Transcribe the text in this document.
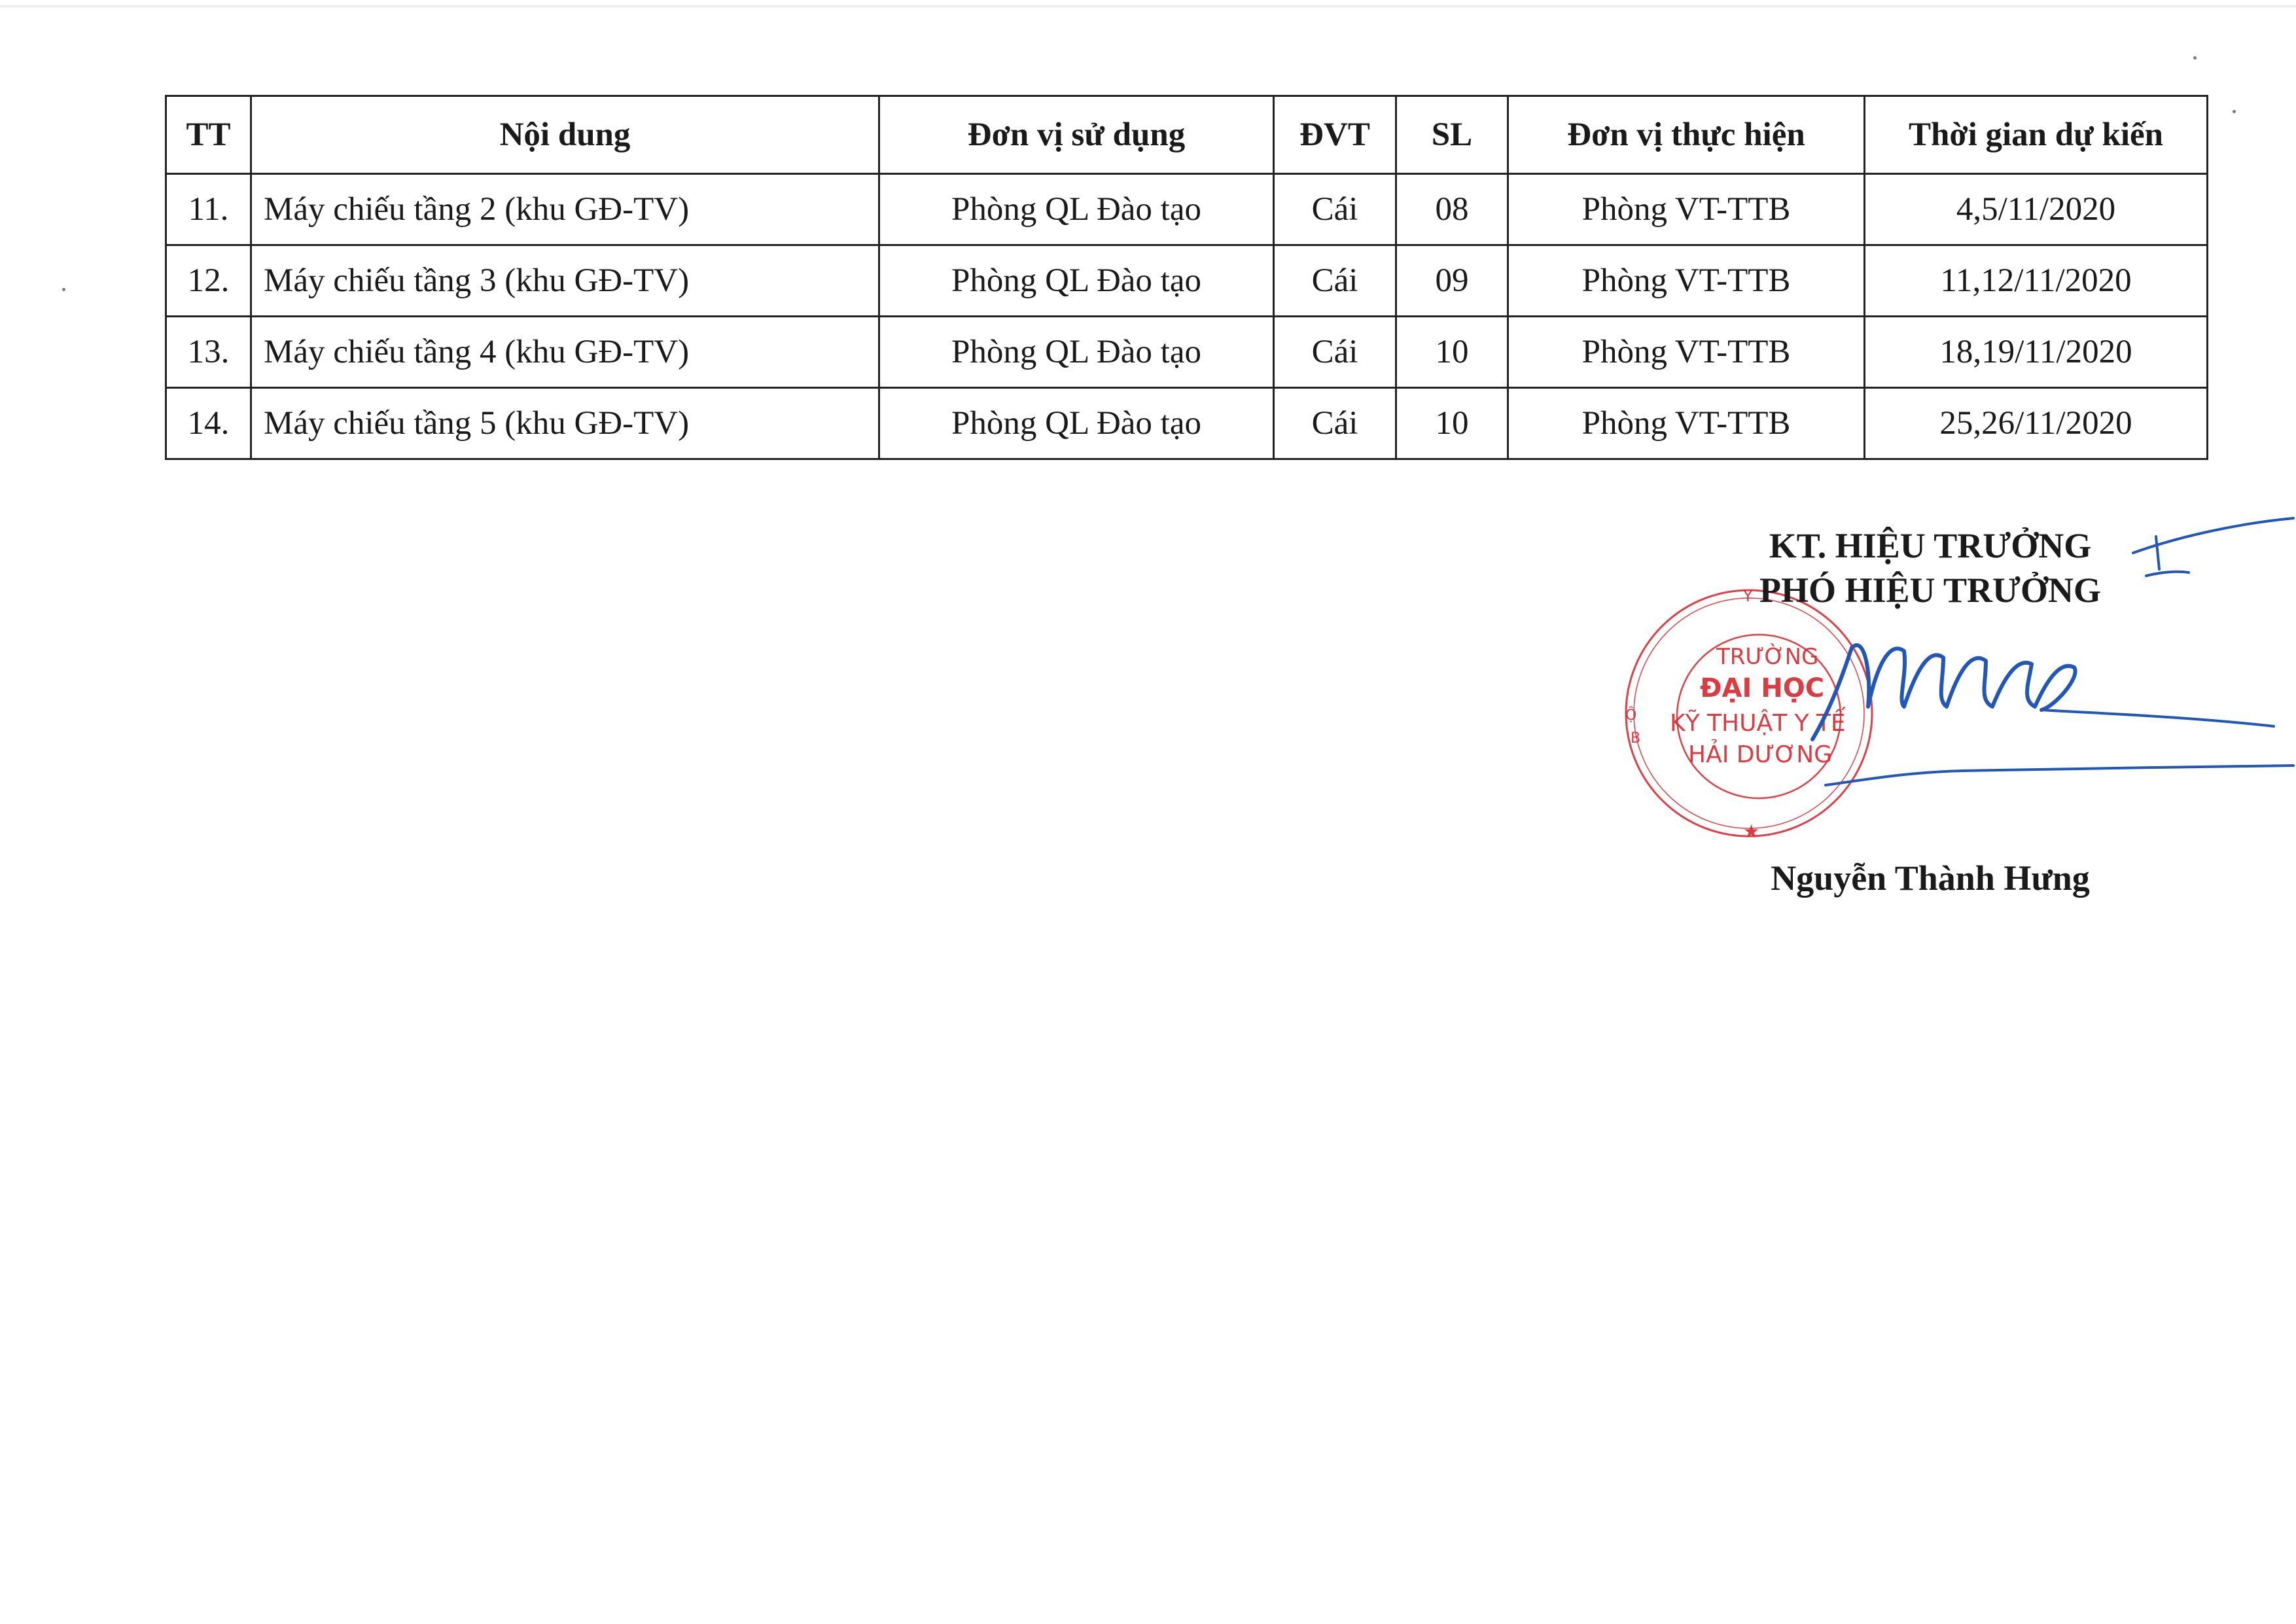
TT	Nội dung	Đơn vị sử dụng	ĐVT	SL	Đơn vị thực hiện	Thời gian dự kiến
11.	Máy chiếu tầng 2 (khu GĐ-TV)	Phòng QL Đào tạo	Cái	08	Phòng VT-TTB	4,5/11/2020
12.	Máy chiếu tầng 3 (khu GĐ-TV)	Phòng QL Đào tạo	Cái	09	Phòng VT-TTB	11,12/11/2020
13.	Máy chiếu tầng 4 (khu GĐ-TV)	Phòng QL Đào tạo	Cái	10	Phòng VT-TTB	18,19/11/2020
14.	Máy chiếu tầng 5 (khu GĐ-TV)	Phòng QL Đào tạo	Cái	10	Phòng VT-TTB	25,26/11/2020
Y
Ộ
B
★
TRƯỜNG
ĐẠI HỌC
KỸ THUẬT Y TẾ
HẢI DƯƠNG
KT. HIỆU TRƯỞNG
PHÓ HIỆU TRƯỞNG
Nguyễn Thành Hưng
